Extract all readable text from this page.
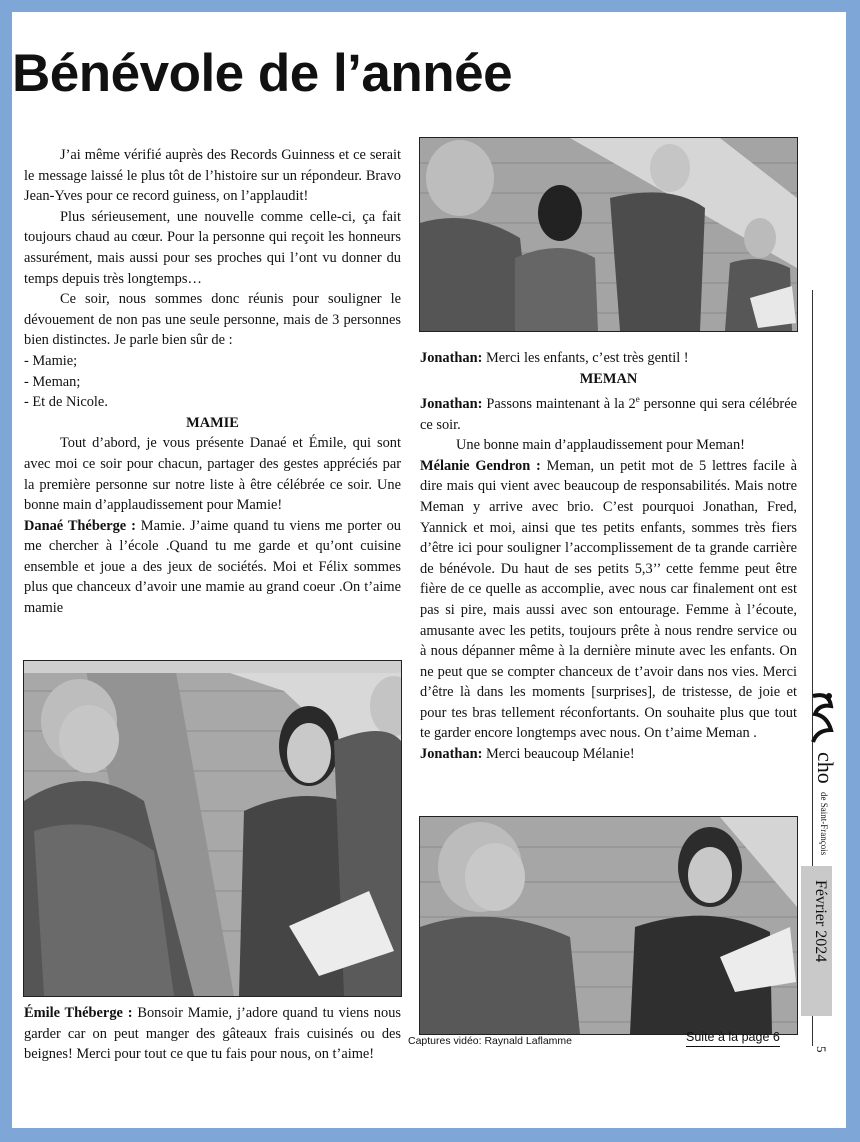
Bénévole de l’année

J’ai même vérifié auprès des Records Guinness et ce serait le message laissé le plus tôt de l’histoire sur un répondeur. Bravo Jean-Yves pour ce record guiness, on l’applaudit!

Plus sérieusement, une nouvelle comme celle-ci, ça fait toujours chaud au cœur. Pour la personne qui reçoit les honneurs assurément, mais aussi pour ses proches qui l’ont vu donner du temps depuis très longtemps…

Ce soir, nous sommes donc réunis pour souligner le dévouement de non pas une seule personne, mais de 3 personnes bien distinctes. Je parle bien sûr de :

- Mamie;

- Meman;

- Et de Nicole.

MAMIE

Tout d’abord, je vous présente Danaé et Émile, qui sont avec moi ce soir pour chacun, partager des gestes appréciés par la première personne sur notre liste à être célébrée ce soir. Une bonne main d’applaudissement pour Mamie!

Danaé Théberge : Mamie. J’aime quand tu viens me porter ou me chercher à l’école .Quand tu me garde et qu’ont cuisine ensemble et joue a des jeux de sociétés. Moi et Félix sommes plus que chanceux d’avoir une mamie au grand coeur .On t’aime mamie

Émile Théberge : Bonsoir Mamie, j’adore quand tu viens nous garder car on peut manger des gâteaux frais cuisinés ou des beignes! Merci pour tout ce que tu fais pour nous, on t’aime!

Jonathan: Merci les enfants, c’est très gentil !

MEMAN

Jonathan: Passons maintenant à la 2e personne qui sera célébrée ce soir.

Une bonne main d’applaudissement pour Meman!

Mélanie Gendron : Meman, un petit mot de 5 lettres facile à dire mais qui vient avec beaucoup de responsabilités. Mais notre Meman y arrive avec brio. C’est pourquoi Jonathan, Fred, Yannick et moi, ainsi que tes petits enfants, sommes très fiers d’être ici pour souligner l’accomplissement de ta grande carrière de bénévole. Du haut de ses petits 5,3’’ cette femme peut être fière de ce quelle as accomplie, avec nous car finalement ont est pas si pire, mais aussi avec son entourage. Femme à l’écoute, amusante avec les petits, toujours prête à nous rendre service ou à nous dépanner même à la dernière minute avec les enfants. On ne peut que se compter chanceux de t’avoir dans nos vies. Merci d’être là dans les moments [surprises], de tristesse, de joie et pour tes bras tellement réconfortants. On souhaite plus que tout te garder encore longtemps avec nous. On t’aime Meman .

Jonathan: Merci beaucoup Mélanie!

Captures vidéo: Raynald Laflamme	Suite à la page 6
cho
de Saint-François
Février 2024
5
